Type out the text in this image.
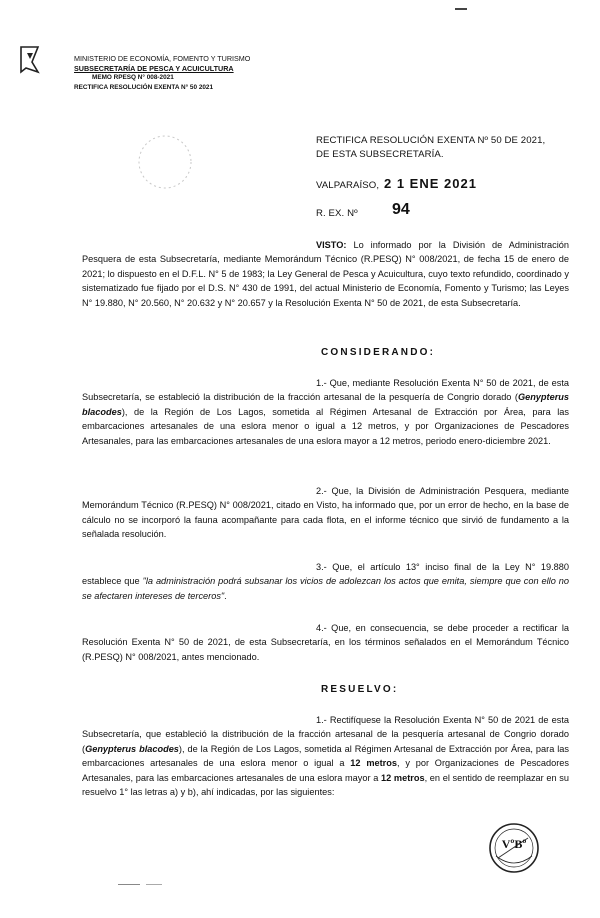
MINISTERIO DE ECONOMÍA, FOMENTO Y TURISMO
SUBSECRETARÍA DE PESCA Y ACUICULTURA
MEMO RPESQ N° 008-2021
RECTIFICA RESOLUCIÓN EXENTA N° 50 2021
RECTIFICA RESOLUCIÓN EXENTA Nº 50 DE 2021, DE ESTA SUBSECRETARÍA.
VALPARAÍSO, 2 1 ENE 2021
R. EX. Nº 94
VISTO: Lo informado por la División de Administración Pesquera de esta Subsecretaría, mediante Memorándum Técnico (R.PESQ) N° 008/2021, de fecha 15 de enero de 2021; lo dispuesto en el D.F.L. N° 5 de 1983; la Ley General de Pesca y Acuicultura, cuyo texto refundido, coordinado y sistematizado fue fijado por el D.S. N° 430 de 1991, del actual Ministerio de Economía, Fomento y Turismo; las Leyes N° 19.880, N° 20.560, N° 20.632 y N° 20.657 y la Resolución Exenta N° 50 de 2021, de esta Subsecretaría.
CONSIDERANDO:
1.- Que, mediante Resolución Exenta N° 50 de 2021, de esta Subsecretaría, se estableció la distribución de la fracción artesanal de la pesquería de Congrio dorado (Genypterus blacodes), de la Región de Los Lagos, sometida al Régimen Artesanal de Extracción por Área, para las embarcaciones artesanales de una eslora menor o igual a 12 metros, y por Organizaciones de Pescadores Artesanales, para las embarcaciones artesanales de una eslora mayor a 12 metros, periodo enero-diciembre 2021.
2.- Que, la División de Administración Pesquera, mediante Memorándum Técnico (R.PESQ) N° 008/2021, citado en Visto, ha informado que, por un error de hecho, en la base de cálculo no se incorporó la fauna acompañante para cada flota, en el informe técnico que sirvió de fundamento a la señalada resolución.
3.- Que, el artículo 13° inciso final de la Ley N° 19.880 establece que "la administración podrá subsanar los vicios de adolezcan los actos que emita, siempre que con ello no se afectaren intereses de terceros".
4.- Que, en consecuencia, se debe proceder a rectificar la Resolución Exenta N° 50 de 2021, de esta Subsecretaría, en los términos señalados en el Memorándum Técnico (R.PESQ) N° 008/2021, antes mencionado.
RESUELVO:
1.- Rectifíquese la Resolución Exenta N° 50 de 2021 de esta Subsecretaría, que estableció la distribución de la fracción artesanal de la pesquería artesanal de Congrio dorado (Genypterus blacodes), de la Región de Los Lagos, sometida al Régimen Artesanal de Extracción por Área, para las embarcaciones artesanales de una eslora menor o igual a 12 metros, y por Organizaciones de Pescadores Artesanales, para las embarcaciones artesanales de una eslora mayor a 12 metros, en el sentido de reemplazar en su resuelvo 1° las letras a) y b), ahí indicadas, por las siguientes:
VºBº
